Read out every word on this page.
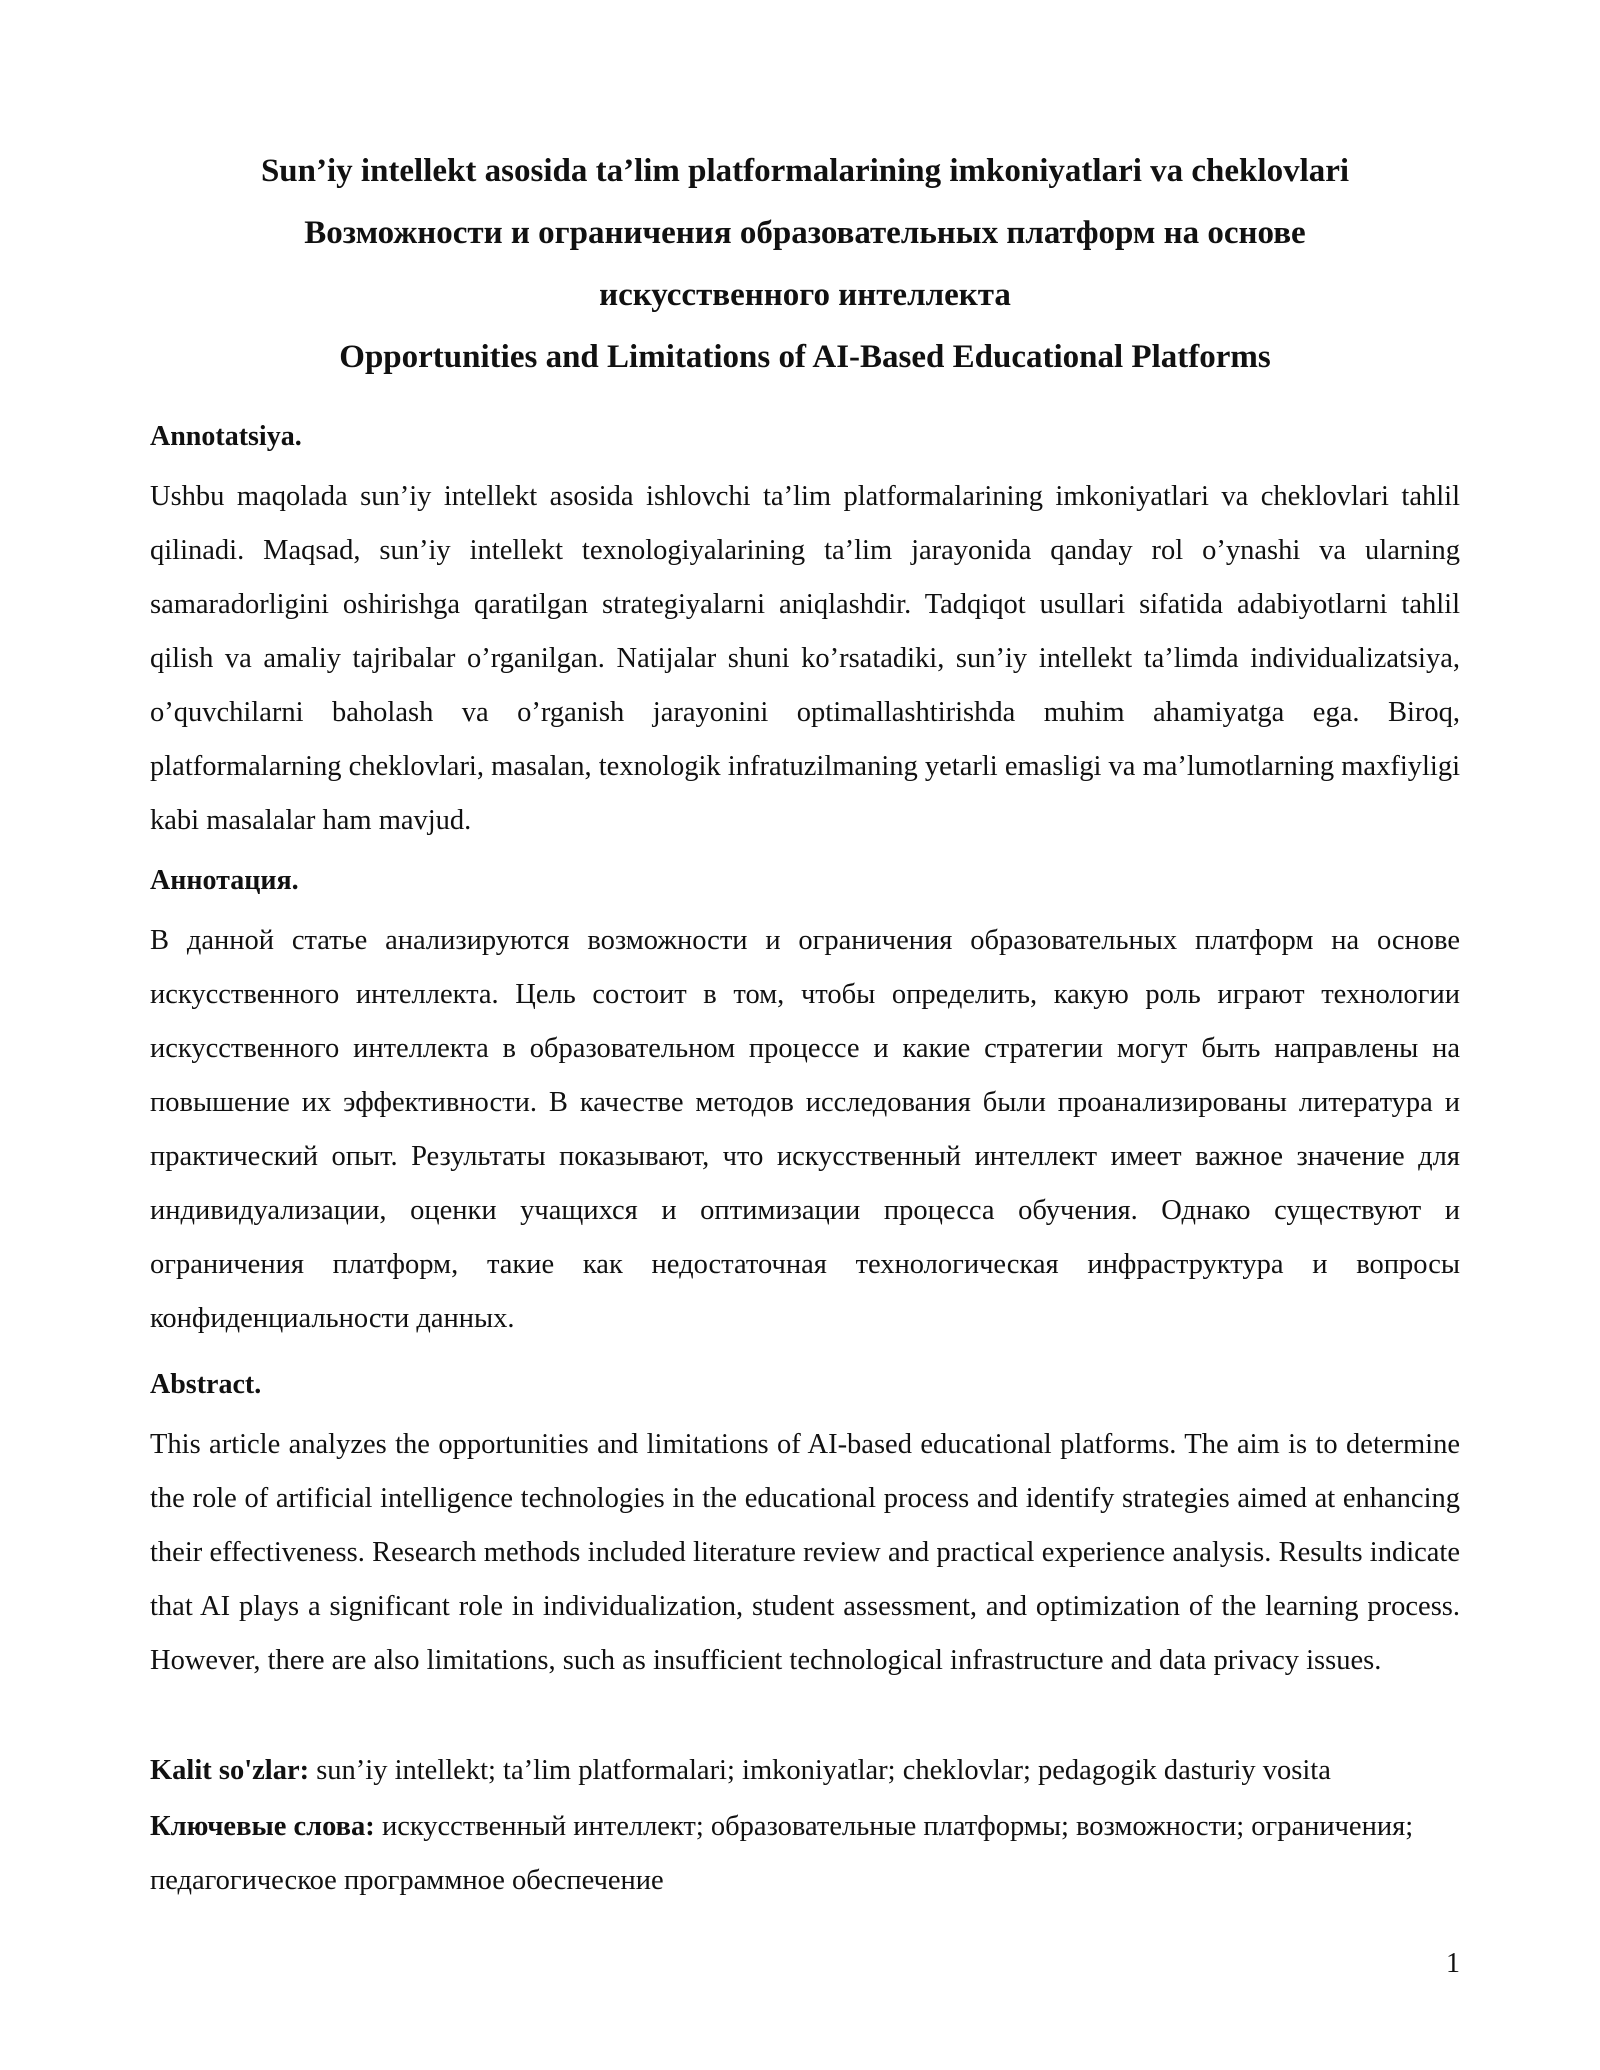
Sun’iy intellekt asosida ta’lim platformalarining imkoniyatlari va cheklovlari

Возможности и ограничения образовательных платформ на основе искусственного интеллекта

Opportunities and Limitations of AI-Based Educational Platforms

Annotatsiya.

Ushbu maqolada sun’iy intellekt asosida ishlovchi ta’lim platformalarining imkoniyatlari va cheklovlari tahlil qilinadi. Maqsad, sun’iy intellekt texnologiyalarining ta’lim jarayonida qanday rol o’ynashi va ularning samaradorligini oshirishga qaratilgan strategiyalarni aniqlashdir. Tadqiqot usullari sifatida adabiyotlarni tahlil qilish va amaliy tajribalar o’rganilgan. Natijalar shuni ko’rsatadiki, sun’iy intellekt ta’limda individualizatsiya, o’quvchilarni baholash va o’rganish jarayonini optimallashtirishda muhim ahamiyatga ega. Biroq, platformalarning cheklovlari, masalan, texnologik infratuzilmaning yetarli emasligi va ma’lumotlarning maxfiyligi kabi masalalar ham mavjud.

Аннотация.

В данной статье анализируются возможности и ограничения образовательных платформ на основе искусственного интеллекта. Цель состоит в том, чтобы определить, какую роль играют технологии искусственного интеллекта в образовательном процессе и какие стратегии могут быть направлены на повышение их эффективности. В качестве методов исследования были проанализированы литература и практический опыт. Результаты показывают, что искусственный интеллект имеет важное значение для индивидуализации, оценки учащихся и оптимизации процесса обучения. Однако существуют и ограничения платформ, такие как недостаточная технологическая инфраструктура и вопросы конфиденциальности данных.

Abstract.

This article analyzes the opportunities and limitations of AI-based educational platforms. The aim is to determine the role of artificial intelligence technologies in the educational process and identify strategies aimed at enhancing their effectiveness. Research methods included literature review and practical experience analysis. Results indicate that AI plays a significant role in individualization, student assessment, and optimization of the learning process. However, there are also limitations, such as insufficient technological infrastructure and data privacy issues.

Kalit so'zlar: sun’iy intellekt; ta’lim platformalari; imkoniyatlar; cheklovlar; pedagogik dasturiy vosita

Ключевые слова: искусственный интеллект; образовательные платформы; возможности; ограничения; педагогическое программное обеспечение

1
